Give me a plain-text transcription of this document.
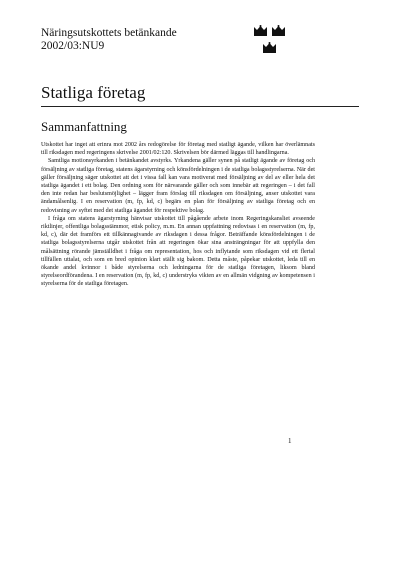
Näringsutskottets betänkande
2002/03:NU9
Statliga företag
Sammanfattning

Utskottet har inget att erinra mot 2002 års redogörelse för företag med statligt ägande, vilken har överlämnats till riksdagen med regeringens skrivelse 2001/02:120. Skrivelsen bör därmed läggas till handlingarna.

Samtliga motionsyrkanden i betänkandet avstyrks. Yrkandena gäller synen på statligt ägande av företag och försäljning av statliga företag, statens ägarstyrning och könsfördelningen i de statliga bolagsstyrelserna. När det gäller försäljning säger utskottet att det i vissa fall kan vara motiverat med försäljning av del av eller hela det statliga ägandet i ett bolag. Den ordning som för närvarande gäller och som innebär att regeringen – i det fall den inte redan har beslutsmöjlighet – lägger fram förslag till riksdagen om försäljning, anser utskottet vara ändamålsenlig. I en reservation (m, fp, kd, c) begärs en plan för försäljning av statliga företag och en redovisning av syftet med det statliga ägandet för respektive bolag.

I fråga om statens ägarstyrning hänvisar utskottet till pågående arbete inom Regeringskansliet avseende riktlinjer, offentliga bolagsstämmor, etisk policy, m.m. En annan uppfattning redovisas i en reservation (m, fp, kd, c), där det framförs ett tillkännagivande av riksdagen i dessa frågor. Beträffande könsfördelningen i de statliga bolagsstyrelserna utgår utskottet från att regeringen ökar sina ansträngningar för att uppfylla den målsättning rörande jämställdhet i fråga om representation, hos och inflytande som riksdagen vid ett flertal tillfällen uttalat, och som en bred opinion klart ställt sig bakom. Detta måste, påpekar utskottet, leda till en ökande andel kvinnor i både styrelserna och ledningarna för de statliga företagen, liksom bland styrelseordförandena. I en reservation (m, fp, kd, c) understryks vikten av en allmän vidgning av kompetensen i styrelserna för de statliga företagen.

1
